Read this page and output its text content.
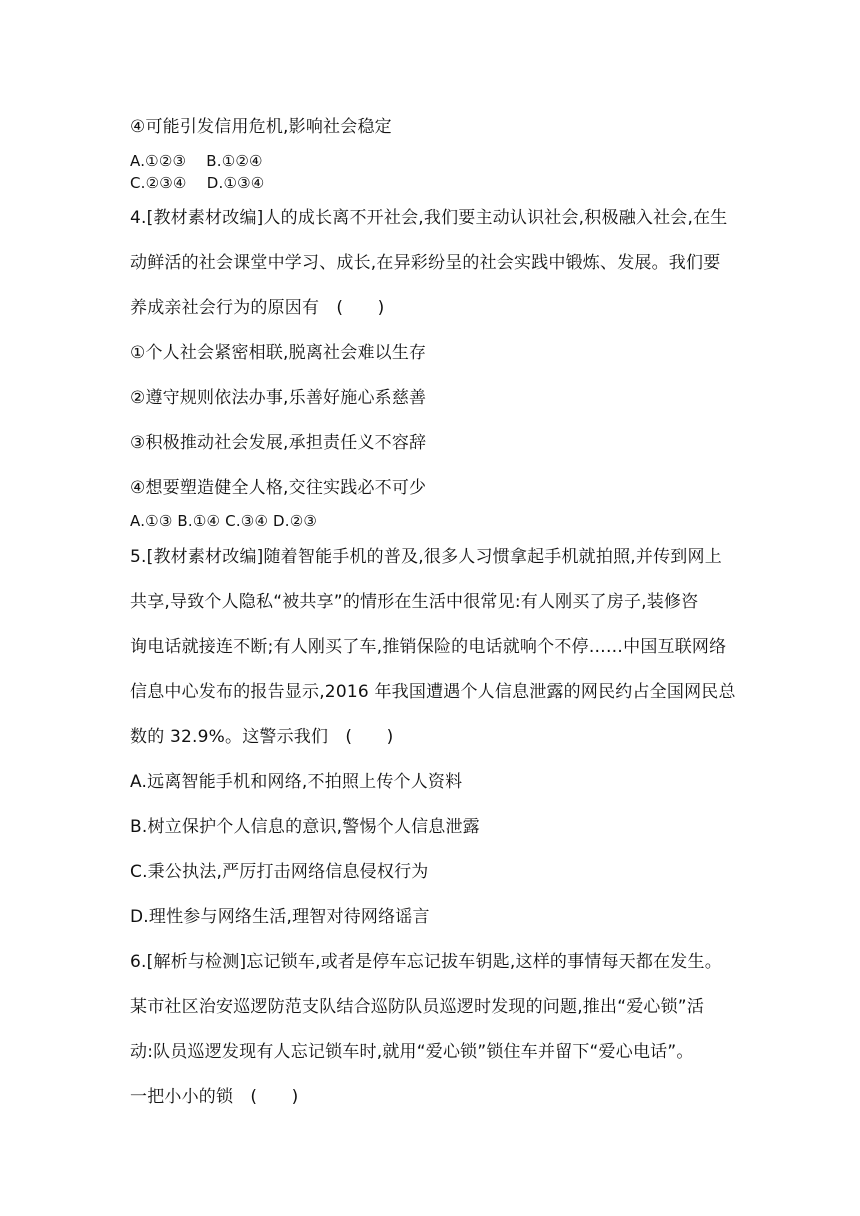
④可能引发信用危机,影响社会稳定
A.①②③　 B.①②④
C.②③④　 D.①③④
4.[教材素材改编]人的成长离不开社会,我们要主动认识社会,积极融入社会,在生
动鲜活的社会课堂中学习、成长,在异彩纷呈的社会实践中锻炼、发展。我们要
养成亲社会行为的原因有　(　　)
①个人社会紧密相联,脱离社会难以生存
②遵守规则依法办事,乐善好施心系慈善
③积极推动社会发展,承担责任义不容辞
④想要塑造健全人格,交往实践必不可少
A.①③ B.①④ C.③④ D.②③
5.[教材素材改编]随着智能手机的普及,很多人习惯拿起手机就拍照,并传到网上
共享,导致个人隐私“被共享”的情形在生活中很常见:有人刚买了房子,装修咨
询电话就接连不断;有人刚买了车,推销保险的电话就响个不停……中国互联网络
信息中心发布的报告显示,2016 年我国遭遇个人信息泄露的网民约占全国网民总
数的 32.9%。这警示我们　(　　)
A.远离智能手机和网络,不拍照上传个人资料
B.树立保护个人信息的意识,警惕个人信息泄露
C.秉公执法,严厉打击网络信息侵权行为
D.理性参与网络生活,理智对待网络谣言
6.[解析与检测]忘记锁车,或者是停车忘记拔车钥匙,这样的事情每天都在发生。
某市社区治安巡逻防范支队结合巡防队员巡逻时发现的问题,推出“爱心锁”活
动:队员巡逻发现有人忘记锁车时,就用“爱心锁”锁住车并留下“爱心电话”。
一把小小的锁　(　　)
